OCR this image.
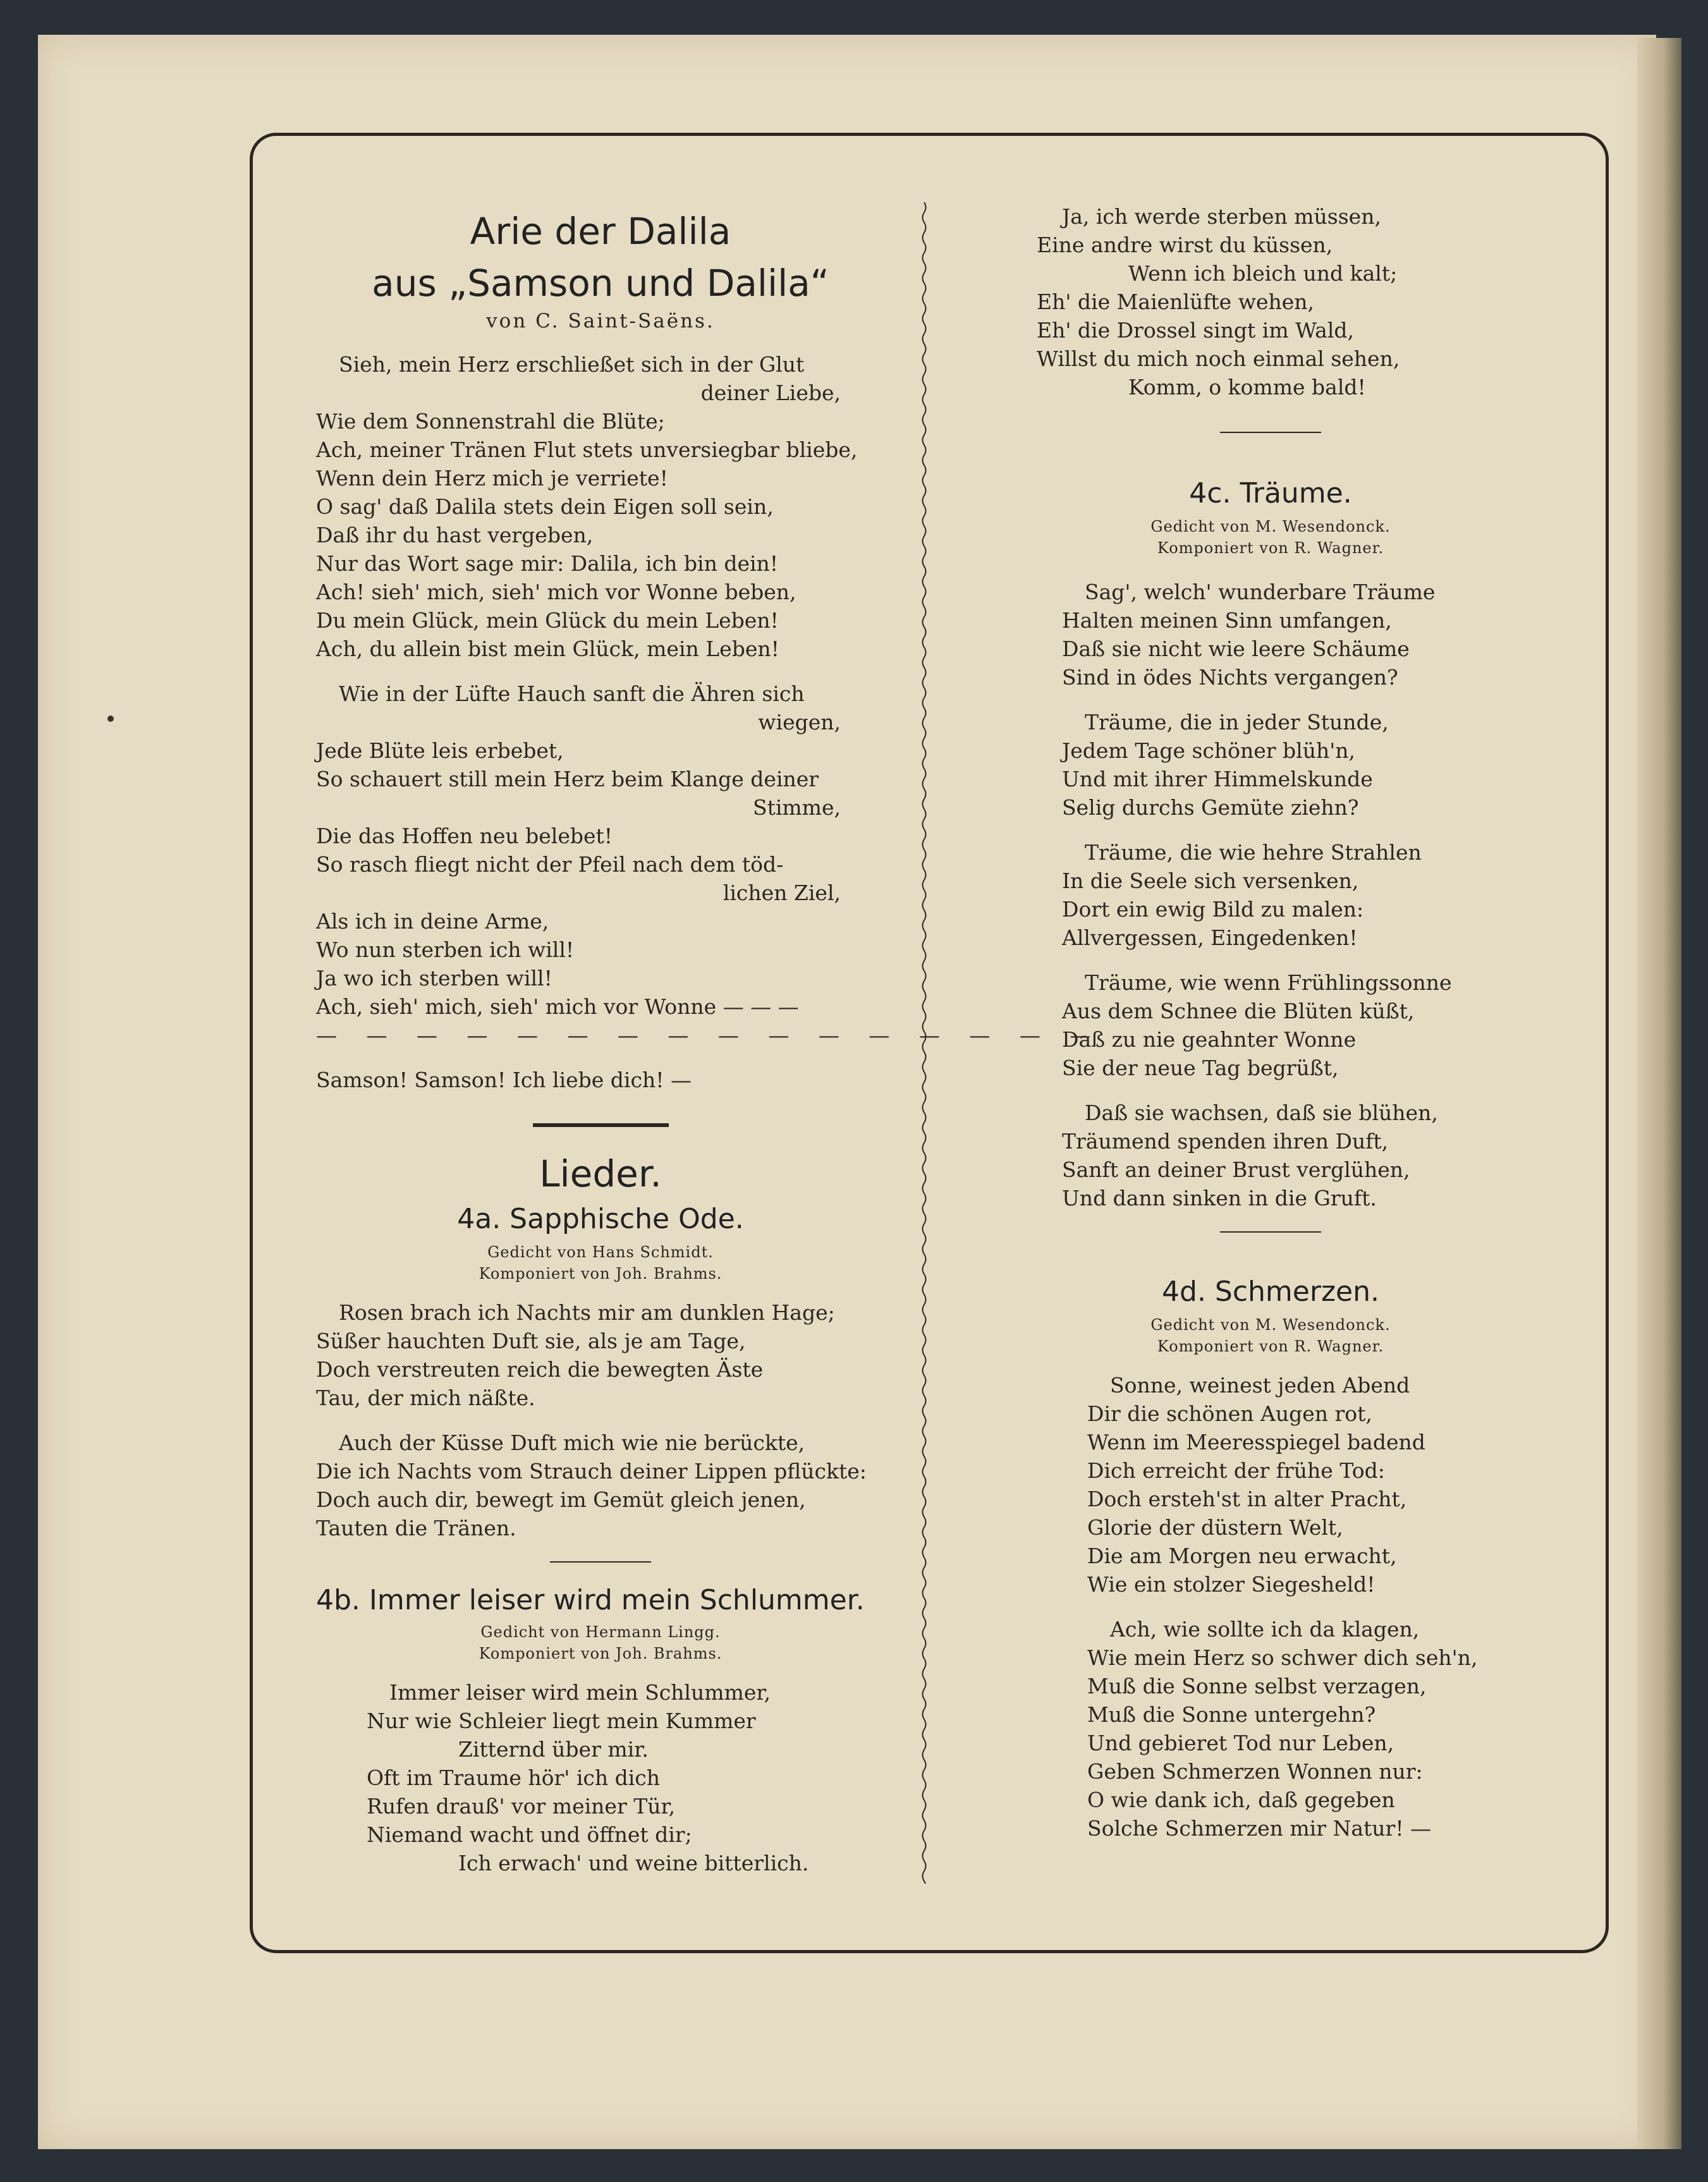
Arie der Dalila
aus „Samson und Dalila“
von C. Saint-Saëns.
Sieh, mein Herz erschließet sich in der Glut
deiner Liebe,
Wie dem Sonnenstrahl die Blüte;
Ach, meiner Tränen Flut stets unversiegbar bliebe,
Wenn dein Herz mich je verriete!
O sag' daß Dalila stets dein Eigen soll sein,
Daß ihr du hast vergeben,
Nur das Wort sage mir: Dalila, ich bin dein!
Ach! sieh' mich, sieh' mich vor Wonne beben,
Du mein Glück, mein Glück du mein Leben!
Ach, du allein bist mein Glück, mein Leben!
Wie in der Lüfte Hauch sanft die Ähren sich
wiegen,
Jede Blüte leis erbebet,
So schauert still mein Herz beim Klange deiner
Stimme,
Die das Hoffen neu belebet!
So rasch fliegt nicht der Pfeil nach dem töd-
lichen Ziel,
Als ich in deine Arme,
Wo nun sterben ich will!
Ja wo ich sterben will!
Ach, sieh' mich, sieh' mich vor Wonne — — —
— — — — — — — — — — — — — — — —
Samson! Samson! Ich liebe dich! —
Lieder.
4a. Sapphische Ode.
Gedicht von Hans Schmidt.
Komponiert von Joh. Brahms.
Rosen brach ich Nachts mir am dunklen Hage;
Süßer hauchten Duft sie, als je am Tage,
Doch verstreuten reich die bewegten Äste
Tau, der mich näßte.
Auch der Küsse Duft mich wie nie berückte,
Die ich Nachts vom Strauch deiner Lippen pflückte:
Doch auch dir, bewegt im Gemüt gleich jenen,
Tauten die Tränen.
4b. Immer leiser wird mein Schlummer.
Gedicht von Hermann Lingg.
Komponiert von Joh. Brahms.
Immer leiser wird mein Schlummer,
Nur wie Schleier liegt mein Kummer
Zitternd über mir.
Oft im Traume hör' ich dich
Rufen drauß' vor meiner Tür,
Niemand wacht und öffnet dir;
Ich erwach' und weine bitterlich.
Ja, ich werde sterben müssen,
Eine andre wirst du küssen,
Wenn ich bleich und kalt;
Eh' die Maienlüfte wehen,
Eh' die Drossel singt im Wald,
Willst du mich noch einmal sehen,
Komm, o komme bald!
4c. Träume.
Gedicht von M. Wesendonck.
Komponiert von R. Wagner.
Sag', welch' wunderbare Träume
Halten meinen Sinn umfangen,
Daß sie nicht wie leere Schäume
Sind in ödes Nichts vergangen?
Träume, die in jeder Stunde,
Jedem Tage schöner blüh'n,
Und mit ihrer Himmelskunde
Selig durchs Gemüte ziehn?
Träume, die wie hehre Strahlen
In die Seele sich versenken,
Dort ein ewig Bild zu malen:
Allvergessen, Eingedenken!
Träume, wie wenn Frühlingssonne
Aus dem Schnee die Blüten küßt,
Daß zu nie geahnter Wonne
Sie der neue Tag begrüßt,
Daß sie wachsen, daß sie blühen,
Träumend spenden ihren Duft,
Sanft an deiner Brust verglühen,
Und dann sinken in die Gruft.
4d. Schmerzen.
Gedicht von M. Wesendonck.
Komponiert von R. Wagner.
Sonne, weinest jeden Abend
Dir die schönen Augen rot,
Wenn im Meeresspiegel badend
Dich erreicht der frühe Tod:
Doch ersteh'st in alter Pracht,
Glorie der düstern Welt,
Die am Morgen neu erwacht,
Wie ein stolzer Siegesheld!
Ach, wie sollte ich da klagen,
Wie mein Herz so schwer dich seh'n,
Muß die Sonne selbst verzagen,
Muß die Sonne untergehn?
Und gebieret Tod nur Leben,
Geben Schmerzen Wonnen nur:
O wie dank ich, daß gegeben
Solche Schmerzen mir Natur! —
